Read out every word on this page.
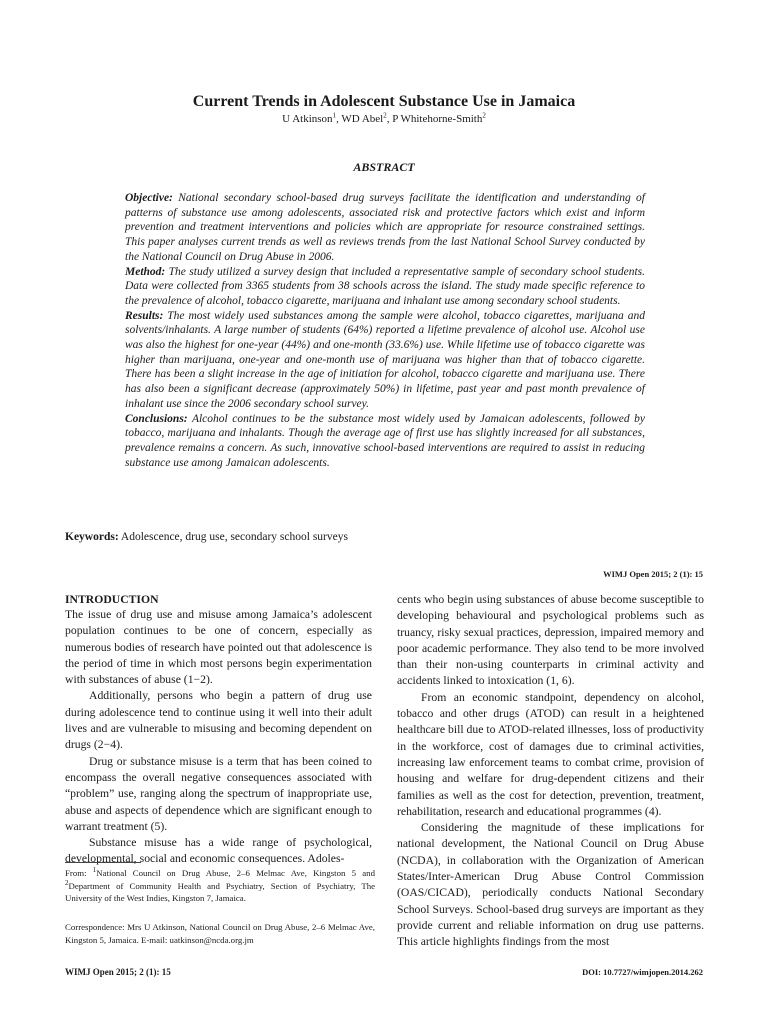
Current Trends in Adolescent Substance Use in Jamaica
U Atkinson$^1$, WD Abel$^2$, P Whitehorne-Smith$^2$
ABSTRACT

Objective: National secondary school-based drug surveys facilitate the identification and understanding of patterns of substance use among adolescents, associated risk and protective factors which exist and inform prevention and treatment interventions and policies which are appropriate for resource constrained settings. This paper analyses current trends as well as reviews trends from the last National School Survey conducted by the National Council on Drug Abuse in 2006.

Method: The study utilized a survey design that included a representative sample of secondary school students. Data were collected from 3365 students from 38 schools across the island. The study made specific reference to the prevalence of alcohol, tobacco cigarette, marijuana and inhalant use among secondary school students.

Results: The most widely used substances among the sample were alcohol, tobacco cigarettes, marijuana and solvents/inhalants. A large number of students (64%) reported a lifetime prevalence of alcohol use. Alcohol use was also the highest for one-year (44%) and one-month (33.6%) use. While lifetime use of tobacco cigarette was higher than marijuana, one-year and one-month use of marijuana was higher than that of tobacco cigarette. There has been a slight increase in the age of initiation for alcohol, tobacco cigarette and marijuana use. There has also been a significant decrease (approximately 50%) in lifetime, past year and past month prevalence of inhalant use since the 2006 secondary school survey.

Conclusions: Alcohol continues to be the substance most widely used by Jamaican adolescents, followed by tobacco, marijuana and inhalants. Though the average age of first use has slightly increased for all substances, prevalence remains a concern. As such, innovative school-based interventions are required to assist in reducing substance use among Jamaican adolescents.

Keywords: Adolescence, drug use, secondary school surveys
WIMJ Open 2015; 2 (1): 15
INTRODUCTION

The issue of drug use and misuse among Jamaica’s adolescent population continues to be one of concern, especially as numerous bodies of research have pointed out that adolescence is the period of time in which most persons begin experimentation with substances of abuse (1−2).

Additionally, persons who begin a pattern of drug use during adolescence tend to continue using it well into their adult lives and are vulnerable to misusing and becoming dependent on drugs (2−4).

Drug or substance misuse is a term that has been coined to encompass the overall negative consequences associated with “problem” use, ranging along the spectrum of inappropriate use, abuse and aspects of dependence which are significant enough to warrant treatment (5).

Substance misuse has a wide range of psychological, developmental, social and economic consequences. Adoles-

From: $^1$National Council on Drug Abuse, 2–6 Melmac Ave, Kingston 5 and $^2$Department of Community Health and Psychiatry, Section of Psychiatry, The University of the West Indies, Kingston 7, Jamaica.
Correspondence: Mrs U Atkinson, National Council on Drug Abuse, 2–6 Melmac Ave, Kingston 5, Jamaica. E-mail: uatkinson@ncda.org.jm

cents who begin using substances of abuse become susceptible to developing behavioural and psychological problems such as truancy, risky sexual practices, depression, impaired memory and poor academic performance. They also tend to be more involved than their non-using counterparts in criminal activity and accidents linked to intoxication (1, 6).

From an economic standpoint, dependency on alcohol, tobacco and other drugs (ATOD) can result in a heightened healthcare bill due to ATOD-related illnesses, loss of productivity in the workforce, cost of damages due to criminal activities, increasing law enforcement teams to combat crime, provision of housing and welfare for drug-dependent citizens and their families as well as the cost for detection, prevention, treatment, rehabilitation, research and educational programmes (4).

Considering the magnitude of these implications for national development, the National Council on Drug Abuse (NCDA), in collaboration with the Organization of American States/Inter-American Drug Abuse Control Commission (OAS/CICAD), periodically conducts National Secondary School Surveys. School-based drug surveys are important as they provide current and reliable information on drug use patterns. This article highlights findings from the most

WIMJ Open 2015; 2 (1): 15	DOI: 10.7727/wimjopen.2014.262
